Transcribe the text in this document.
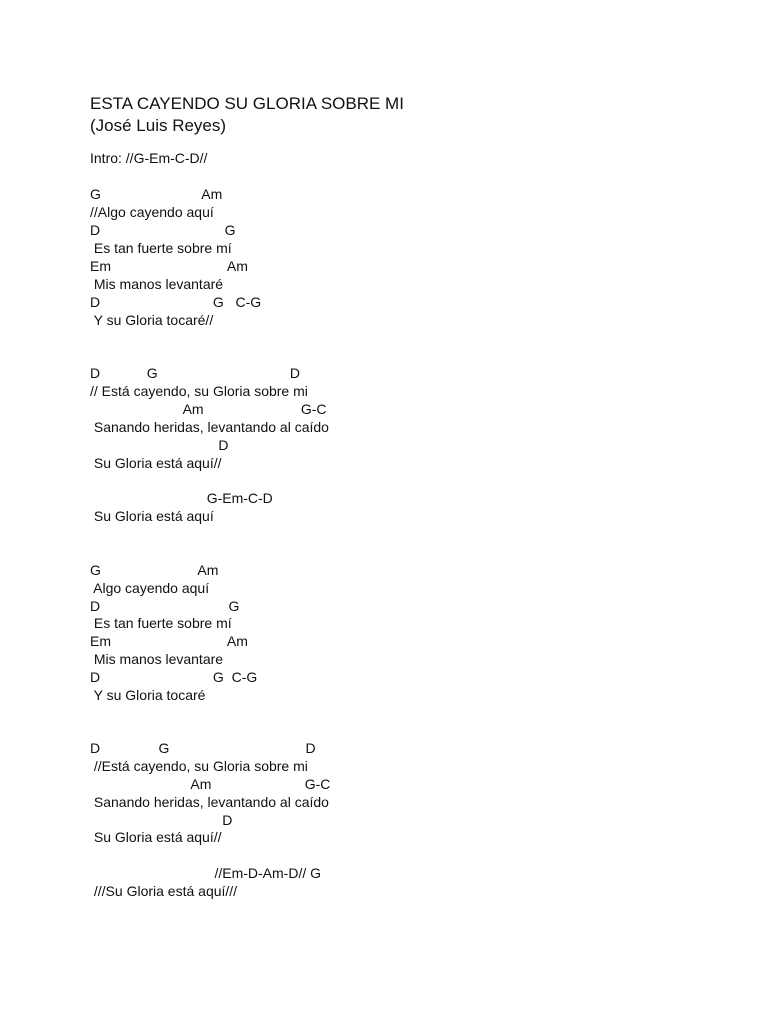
ESTA CAYENDO SU GLORIA SOBRE MI
(José Luis Reyes)
Intro: //G-Em-C-D//
G                          Am
//Algo cayendo aquí
D                                G
Es tan fuerte sobre mí
Em                              Am
Mis manos levantaré
D                             G   C-G
Y su Gloria tocaré//
D            G                                  D
// Está cayendo, su Gloria sobre mi
Am                         G-C
Sanando heridas, levantando al caído
D
Su Gloria está aquí//
G-Em-C-D
Su Gloria está aquí
G                         Am
Algo cayendo aquí
D                                 G
Es tan fuerte sobre mí
Em                              Am
Mis manos levantare
D                             G  C-G
Y su Gloria tocaré
D               G                                   D
//Está cayendo, su Gloria sobre mi
Am                        G-C
Sanando heridas, levantando al caído
D
Su Gloria está aquí//
//Em-D-Am-D// G
///Su Gloria está aquí///
